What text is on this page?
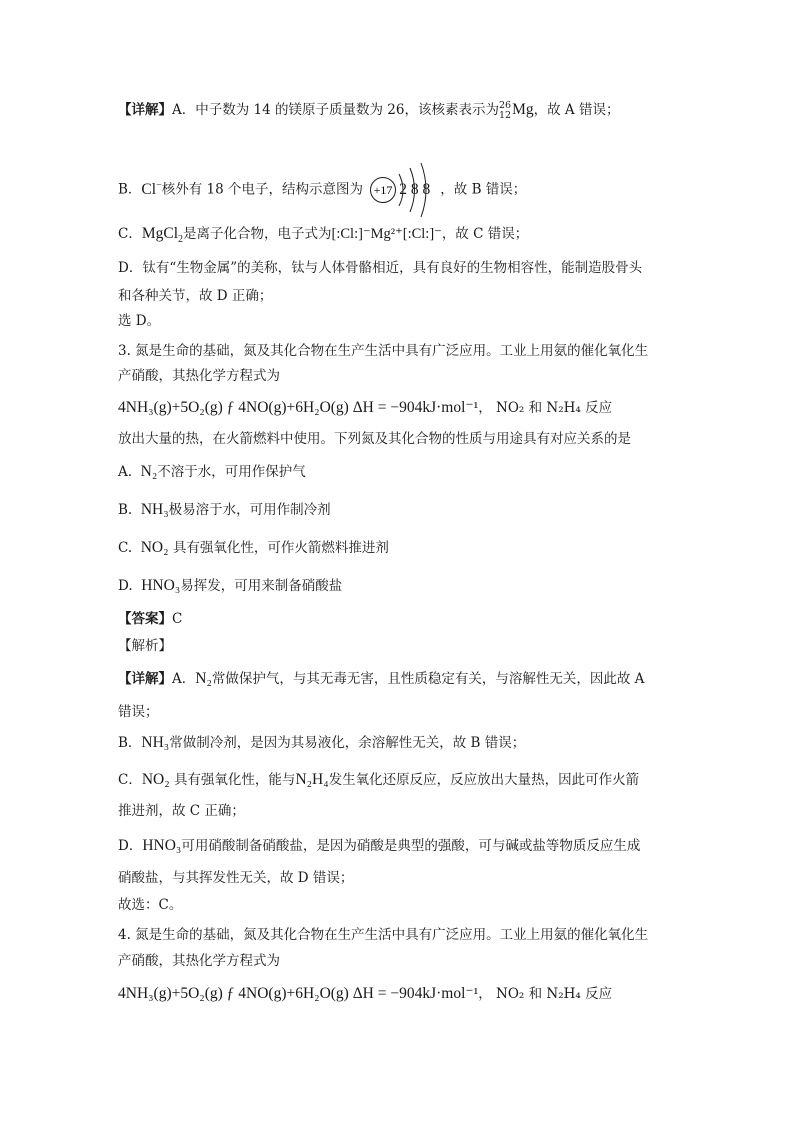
【详解】A．中子数为 14 的镁原子质量数为 26，该核素表示为 26
12 Mg，故 A 错误；
B．Cl−核外有 18 个电子，结构示意图为 +17 2 8 8 ，故 B 错误；
C．MgCl$_2$是离子化合物，电子式为[:Cl:]⁻Mg²⁺[:Cl:]⁻，故 C 错误；
D．钛有“生物金属”的美称，钛与人体骨骼相近，具有良好的生物相容性，能制造股骨头
和各种关节，故 D 正确；
选 D。
3. 氮是生命的基础，氮及其化合物在生产生活中具有广泛应用。工业上用氨的催化氧化生
产硝酸，其热化学方程式为
4NH₃(g)+5O₂(g) ƒ 4NO(g)+6H₂O(g) ΔH = −904kJ·mol⁻¹， NO₂ 和 N₂H₄ 反应
放出大量的热，在火箭燃料中使用。下列氮及其化合物的性质与用途具有对应关系的是
A. N₂不溶于水，可用作保护气
B. NH₃极易溶于水，可用作制冷剂
C. NO₂ 具有强氧化性，可作火箭燃料推进剂
D. HNO₃易挥发，可用来制备硝酸盐
【答案】C
【解析】
【详解】A．N₂常做保护气，与其无毒无害，且性质稳定有关，与溶解性无关，因此故 A
错误；
B．NH₃常做制冷剂，是因为其易液化，余溶解性无关，故 B 错误；
C．NO₂ 具有强氧化性，能与N₂H₄发生氧化还原反应，反应放出大量热，因此可作火箭
推进剂，故 C 正确；
D．HNO₃可用硝酸制备硝酸盐，是因为硝酸是典型的强酸，可与碱或盐等物质反应生成
硝酸盐，与其挥发性无关，故 D 错误；
故选：C。
4. 氮是生命的基础，氮及其化合物在生产生活中具有广泛应用。工业上用氨的催化氧化生
产硝酸，其热化学方程式为
4NH₃(g)+5O₂(g) ƒ 4NO(g)+6H₂O(g) ΔH = −904kJ·mol⁻¹， NO₂ 和 N₂H₄ 反应
